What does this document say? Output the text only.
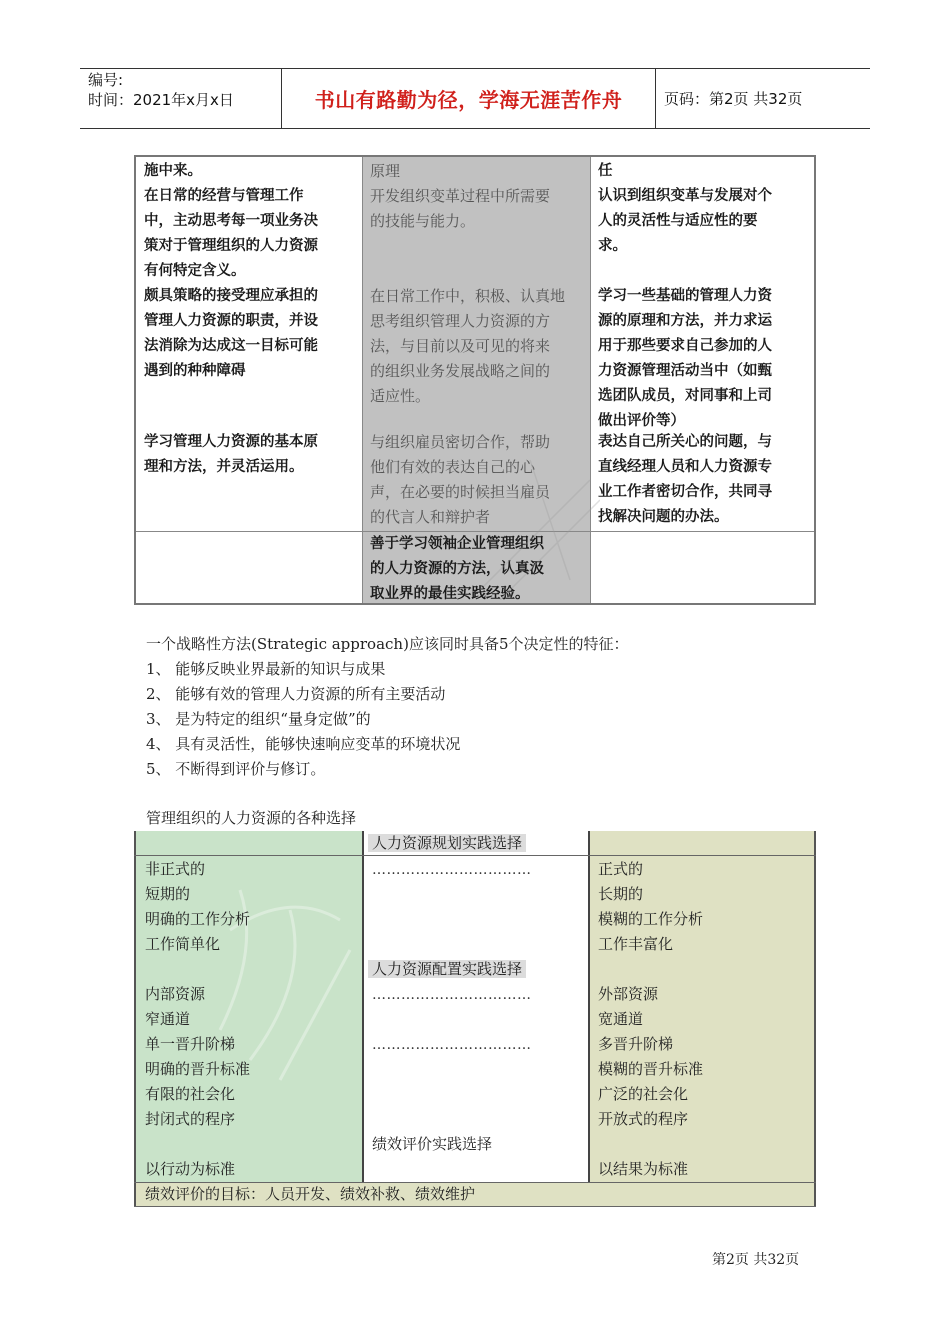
编号:
时间：2021年x月x日	书山有路勤为径，学海无涯苦作舟	页码：第2页 共32页
施中来。
在日常的经营与管理工作
中，主动思考每一项业务决
策对于管理组织的人力资源
有何特定含义。
颇具策略的接受理应承担的
管理人力资源的职责，并设
法消除为达成这一目标可能
遇到的种种障碍
学习管理人力资源的基本原
理和方法，并灵活运用。
原理
开发组织变革过程中所需要
的技能与能力。
在日常工作中，积极、认真地
思考组织管理人力资源的方
法，与目前以及可见的将来
的组织业务发展战略之间的
适应性。
与组织雇员密切合作，帮助
他们有效的表达自己的心
声，在必要的时候担当雇员
的代言人和辩护者
善于学习领袖企业管理组织
的人力资源的方法，认真汲
取业界的最佳实践经验。
任
认识到组织变革与发展对个
人的灵活性与适应性的要
求。
学习一些基础的管理人力资
源的原理和方法，并力求运
用于那些要求自己参加的人
力资源管理活动当中（如甄
选团队成员，对同事和上司
做出评价等）
表达自己所关心的问题，与
直线经理人员和人力资源专
业工作者密切合作，共同寻
找解决问题的办法。
一个战略性方法(Strategic approach)应该同时具备5个决定性的特征：
1、 能够反映业界最新的知识与成果
2、 能够有效的管理人力资源的所有主要活动
3、 是为特定的组织“量身定做”的
4、 具有灵活性，能够快速响应变革的环境状况
5、 不断得到评价与修订。
管理组织的人力资源的各种选择
人力资源规划实践选择
……………………………
人力资源配置实践选择
……………………………
……………………………
绩效评价实践选择
非正式的
短期的
明确的工作分析
工作简单化
内部资源
窄通道
单一晋升阶梯
明确的晋升标准
有限的社会化
封闭式的程序
以行动为标准
正式的
长期的
模糊的工作分析
工作丰富化
外部资源
宽通道
多晋升阶梯
模糊的晋升标准
广泛的社会化
开放式的程序
以结果为标准
绩效评价的目标：人员开发、绩效补救、绩效维护
第2页 共32页
